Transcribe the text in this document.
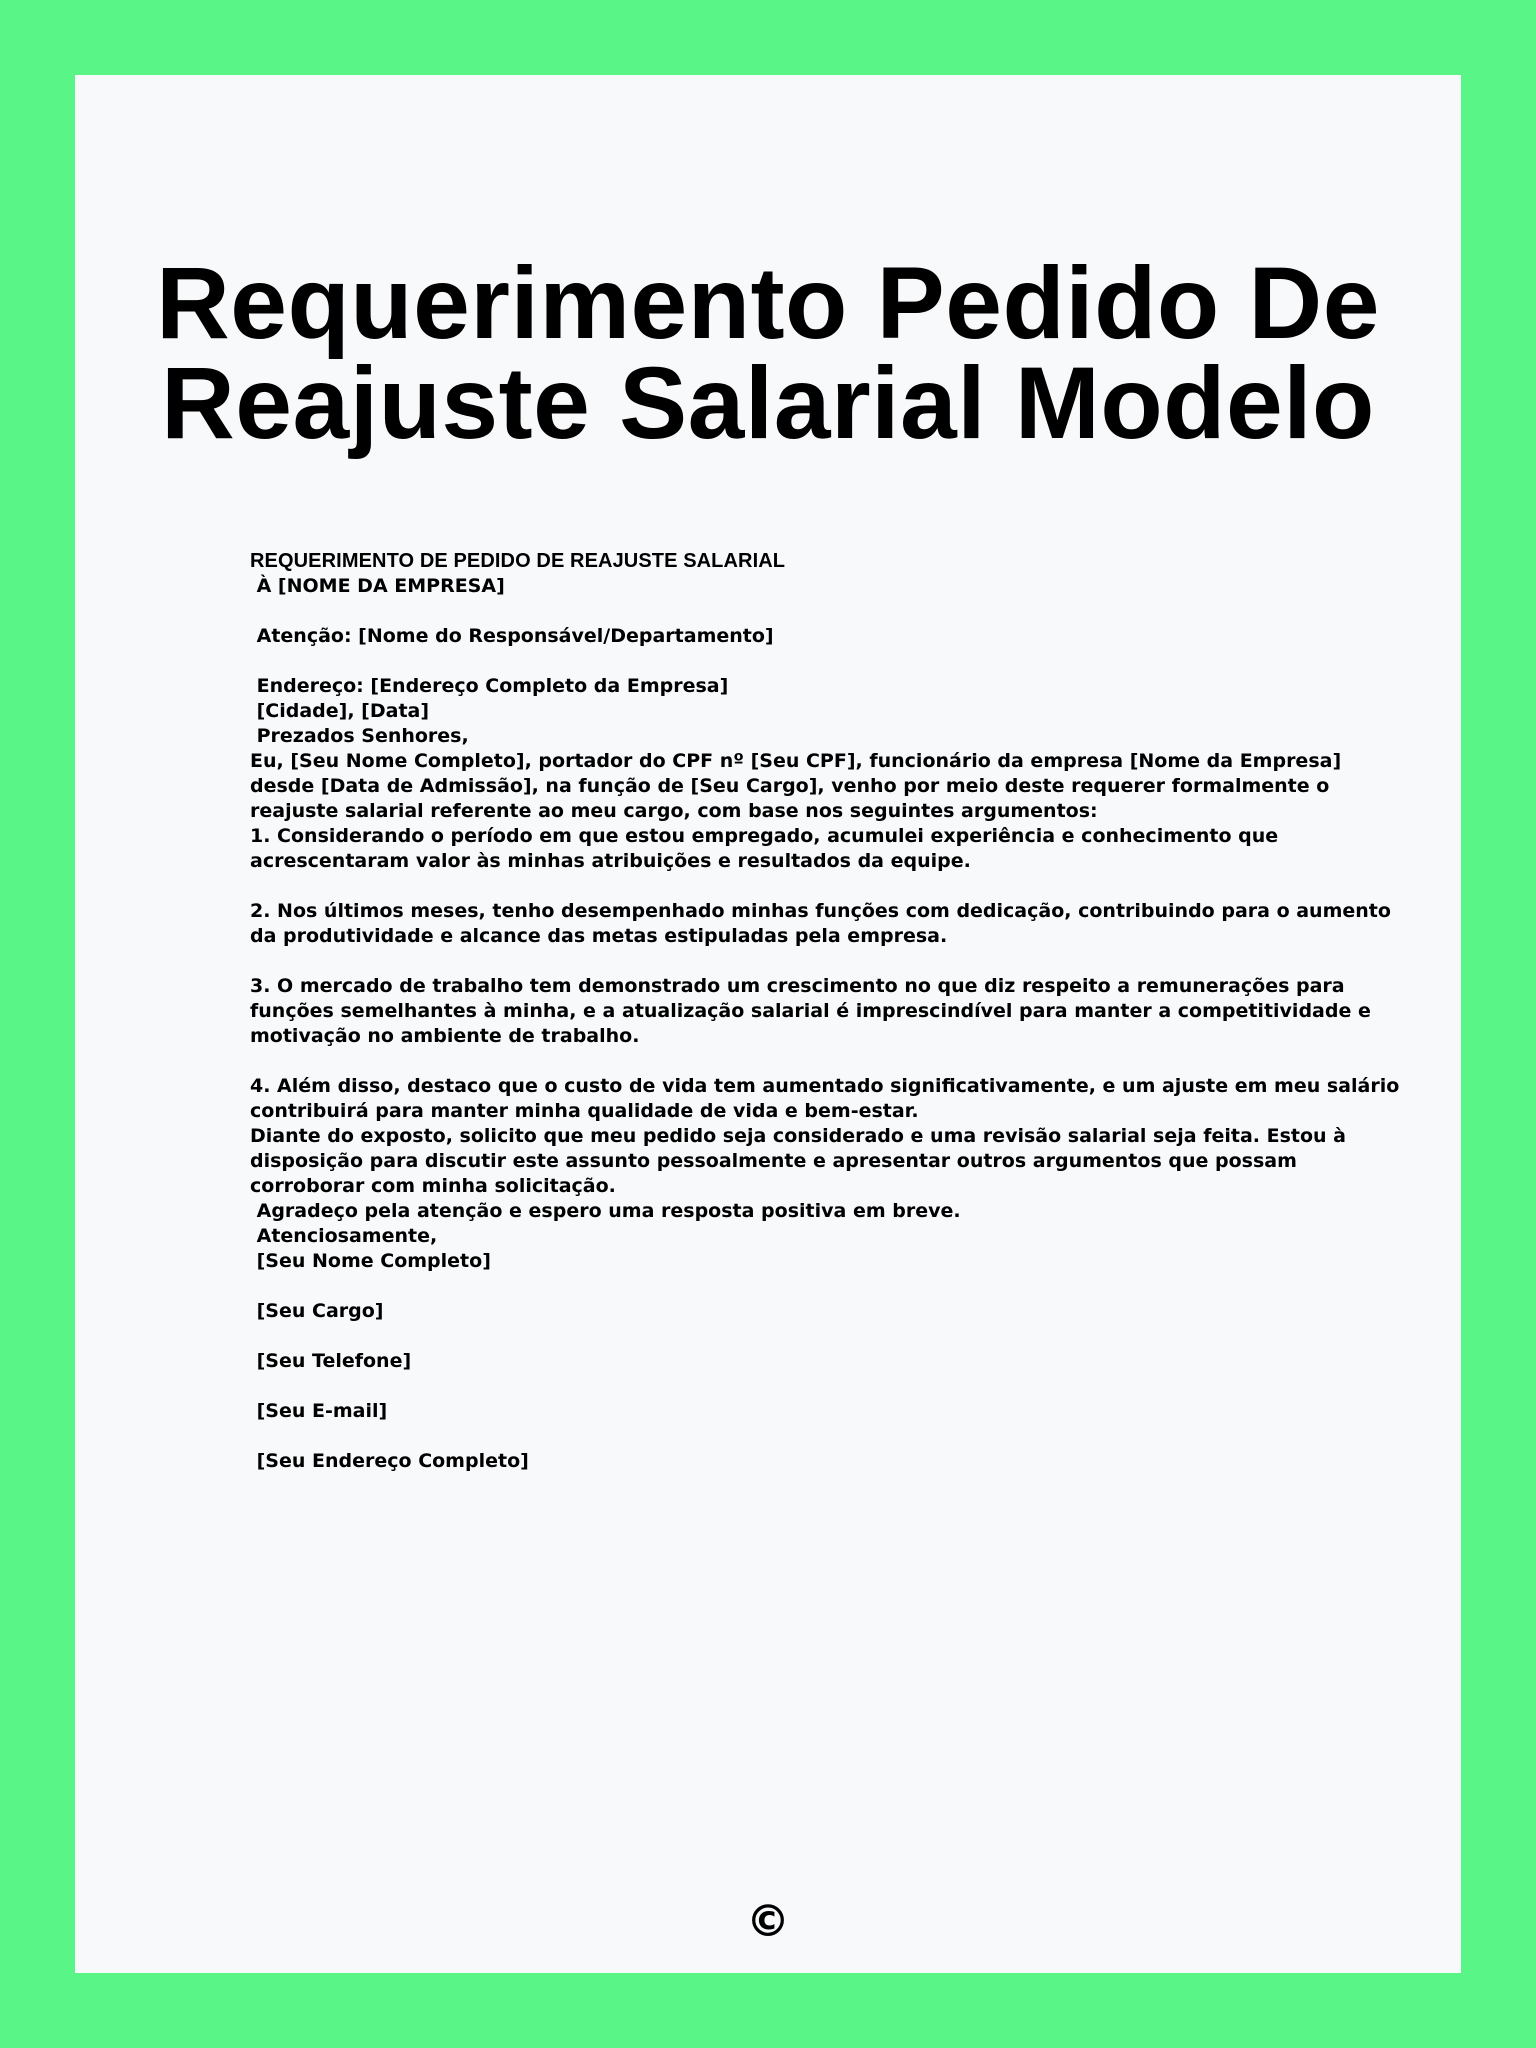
Requerimento Pedido De
Reajuste Salarial Modelo
REQUERIMENTO DE PEDIDO DE REAJUSTE SALARIAL
À [NOME DA EMPRESA]
Atenção: [Nome do Responsável/Departamento]
Endereço: [Endereço Completo da Empresa]
[Cidade], [Data]
Prezados Senhores,
Eu, [Seu Nome Completo], portador do CPF nº [Seu CPF], funcionário da empresa [Nome da Empresa]
desde [Data de Admissão], na função de [Seu Cargo], venho por meio deste requerer formalmente o
reajuste salarial referente ao meu cargo, com base nos seguintes argumentos:
1. Considerando o período em que estou empregado, acumulei experiência e conhecimento que
acrescentaram valor às minhas atribuições e resultados da equipe.
2. Nos últimos meses, tenho desempenhado minhas funções com dedicação, contribuindo para o aumento
da produtividade e alcance das metas estipuladas pela empresa.
3. O mercado de trabalho tem demonstrado um crescimento no que diz respeito a remunerações para
funções semelhantes à minha, e a atualização salarial é imprescindível para manter a competitividade e
motivação no ambiente de trabalho.
4. Além disso, destaco que o custo de vida tem aumentado significativamente, e um ajuste em meu salário
contribuirá para manter minha qualidade de vida e bem-estar.
Diante do exposto, solicito que meu pedido seja considerado e uma revisão salarial seja feita. Estou à
disposição para discutir este assunto pessoalmente e apresentar outros argumentos que possam
corroborar com minha solicitação.
Agradeço pela atenção e espero uma resposta positiva em breve.
Atenciosamente,
[Seu Nome Completo]
[Seu Cargo]
[Seu Telefone]
[Seu E-mail]
[Seu Endereço Completo]
©
